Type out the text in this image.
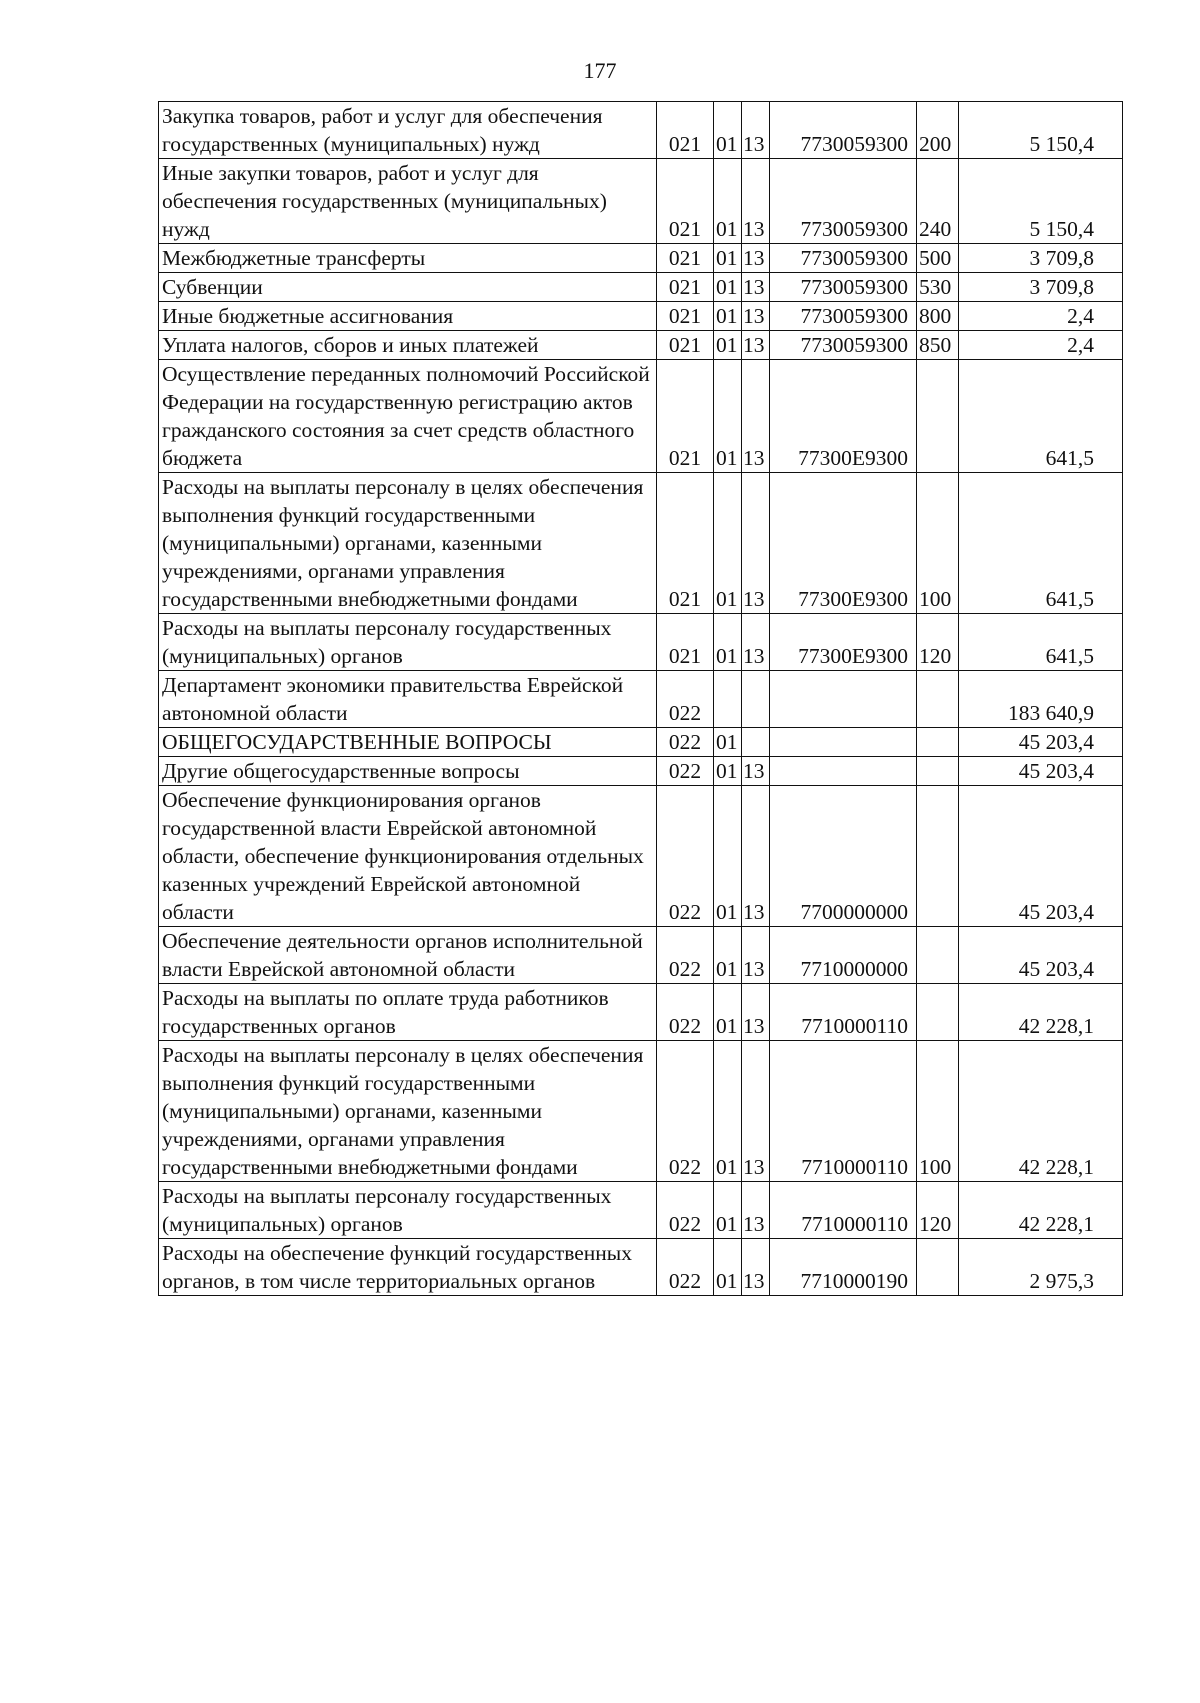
177
Закупка товаров, работ и услуг для обеспечения государственных (муниципальных) нужд	021	01	13	7730059300	200	5 150,4
Иные закупки товаров, работ и услуг для обеспечения государственных (муниципальных) нужд	021	01	13	7730059300	240	5 150,4
Межбюджетные трансферты	021	01	13	7730059300	500	3 709,8
Субвенции	021	01	13	7730059300	530	3 709,8
Иные бюджетные ассигнования	021	01	13	7730059300	800	2,4
Уплата налогов, сборов и иных платежей	021	01	13	7730059300	850	2,4
Осуществление переданных полномочий Российской Федерации на государственную регистрацию актов гражданского состояния за счет средств областного бюджета	021	01	13	77300E9300		641,5
Расходы на выплаты персоналу в целях обеспечения выполнения функций государственными (муниципальными) органами, казенными учреждениями, органами управления государственными внебюджетными фондами	021	01	13	77300E9300	100	641,5
Расходы на выплаты персоналу государственных (муниципальных) органов	021	01	13	77300E9300	120	641,5
Департамент экономики правительства Еврейской автономной области	022					183 640,9
ОБЩЕГОСУДАРСТВЕННЫЕ ВОПРОСЫ	022	01				45 203,4
Другие общегосударственные вопросы	022	01	13			45 203,4
Обеспечение функционирования органов государственной власти Еврейской автономной области, обеспечение функционирования отдельных казенных учреждений Еврейской автономной области	022	01	13	7700000000		45 203,4
Обеспечение деятельности органов исполнительной власти Еврейской автономной области	022	01	13	7710000000		45 203,4
Расходы на выплаты по оплате труда работников государственных органов	022	01	13	7710000110		42 228,1
Расходы на выплаты персоналу в целях обеспечения выполнения функций государственными (муниципальными) органами, казенными учреждениями, органами управления государственными внебюджетными фондами	022	01	13	7710000110	100	42 228,1
Расходы на выплаты персоналу государственных (муниципальных) органов	022	01	13	7710000110	120	42 228,1
Расходы на обеспечение функций государственных органов, в том числе территориальных органов	022	01	13	7710000190		2 975,3
